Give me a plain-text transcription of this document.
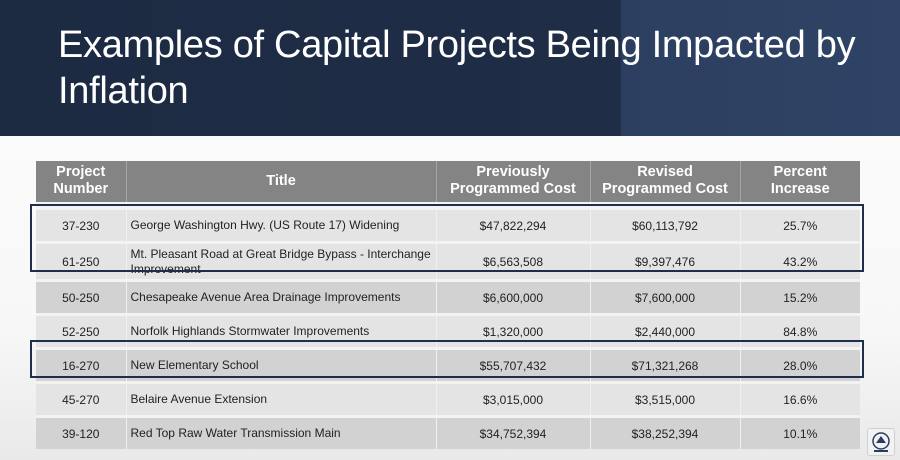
Examples of Capital Projects Being Impacted by Inflation
Project Number	Title	Previously Programmed Cost	Revised Programmed Cost	Percent Increase
37-230	George Washington Hwy. (US Route 17) Widening	$47,822,294	$60,113,792	25.7%
61-250	Mt. Pleasant Road at Great Bridge Bypass - Interchange Improvement	$6,563,508	$9,397,476	43.2%
50-250	Chesapeake Avenue Area Drainage Improvements	$6,600,000	$7,600,000	15.2%
52-250	Norfolk Highlands Stormwater Improvements	$1,320,000	$2,440,000	84.8%
16-270	New Elementary School	$55,707,432	$71,321,268	28.0%
45-270	Belaire Avenue Extension	$3,015,000	$3,515,000	16.6%
39-120	Red Top Raw Water Transmission Main	$34,752,394	$38,252,394	10.1%
